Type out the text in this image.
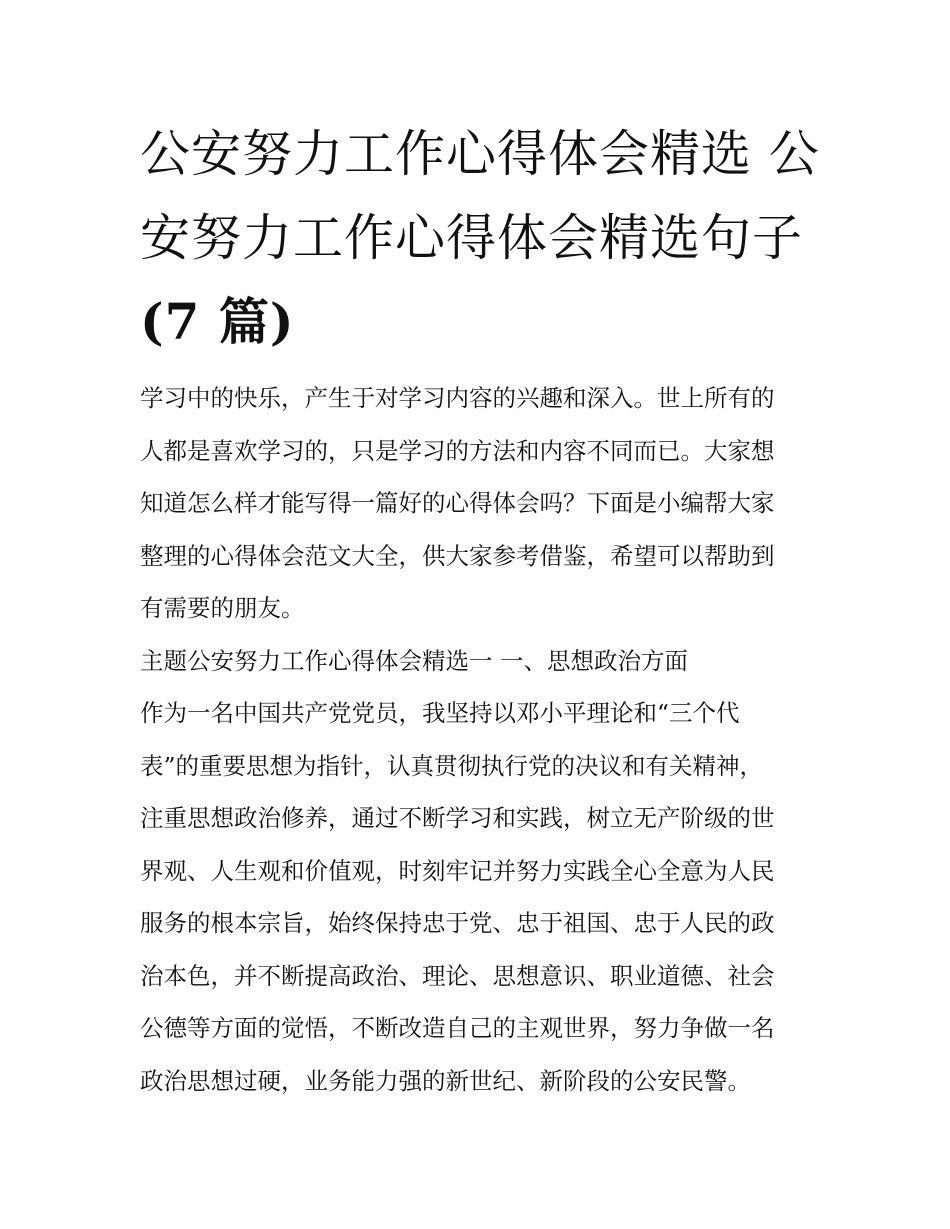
公安努力工作心得体会精选 公
安努力工作心得体会精选句子
(7 篇)

学习中的快乐，产生于对学习内容的兴趣和深入。世上所有的
人都是喜欢学习的，只是学习的方法和内容不同而已。大家想
知道怎么样才能写得一篇好的心得体会吗？下面是小编帮大家
整理的心得体会范文大全，供大家参考借鉴，希望可以帮助到
有需要的朋友。

主题公安努力工作心得体会精选一 一、思想政治方面

作为一名中国共产党党员，我坚持以邓小平理论和“三个代
表”的重要思想为指针，认真贯彻执行党的决议和有关精神，
注重思想政治修养，通过不断学习和实践，树立无产阶级的世
界观、人生观和价值观，时刻牢记并努力实践全心全意为人民
服务的根本宗旨，始终保持忠于党、忠于祖国、忠于人民的政
治本色，并不断提高政治、理论、思想意识、职业道德、社会
公德等方面的觉悟，不断改造自己的主观世界，努力争做一名
政治思想过硬，业务能力强的新世纪、新阶段的公安民警。
